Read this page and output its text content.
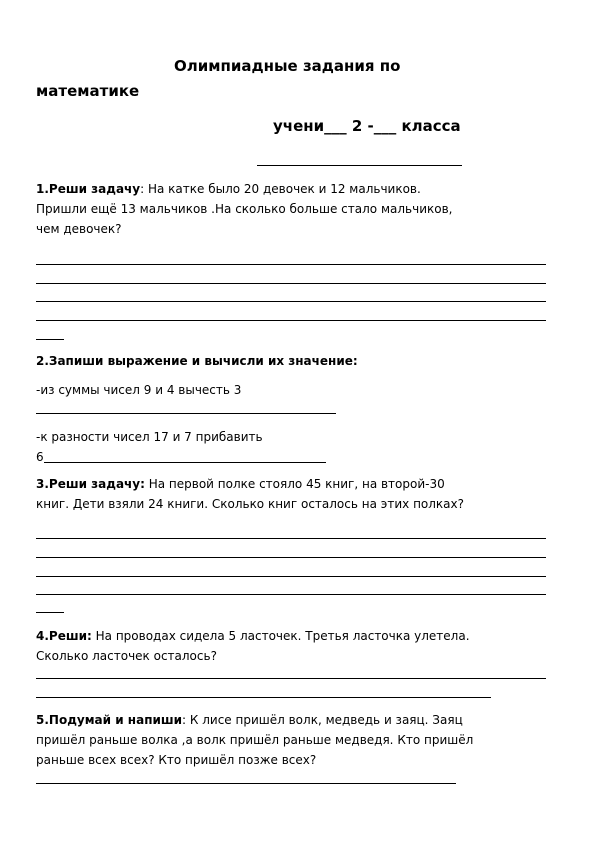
Олимпиадные задания по
математике
учени___ 2 -___ класса
1.Реши задачу: На катке было 20 девочек и 12 мальчиков.
Пришли ещё 13 мальчиков .На сколько больше стало мальчиков,
чем девочек?
2.Запиши выражение и вычисли их значение:
-из суммы чисел 9 и 4 вычесть 3
-к разности чисел 17 и 7 прибавить
6
3.Реши задачу: На первой полке стояло 45 книг, на второй-30
книг. Дети взяли 24 книги. Сколько книг осталось на этих полках?
4.Реши: На проводах сидела 5 ласточек. Третья ласточка улетела.
Сколько ласточек осталось?
5.Подумай и напиши: К лисе пришёл волк, медведь и заяц. Заяц
пришёл раньше волка ,а волк пришёл раньше медведя. Кто пришёл
раньше всех всех? Кто пришёл позже всех?
